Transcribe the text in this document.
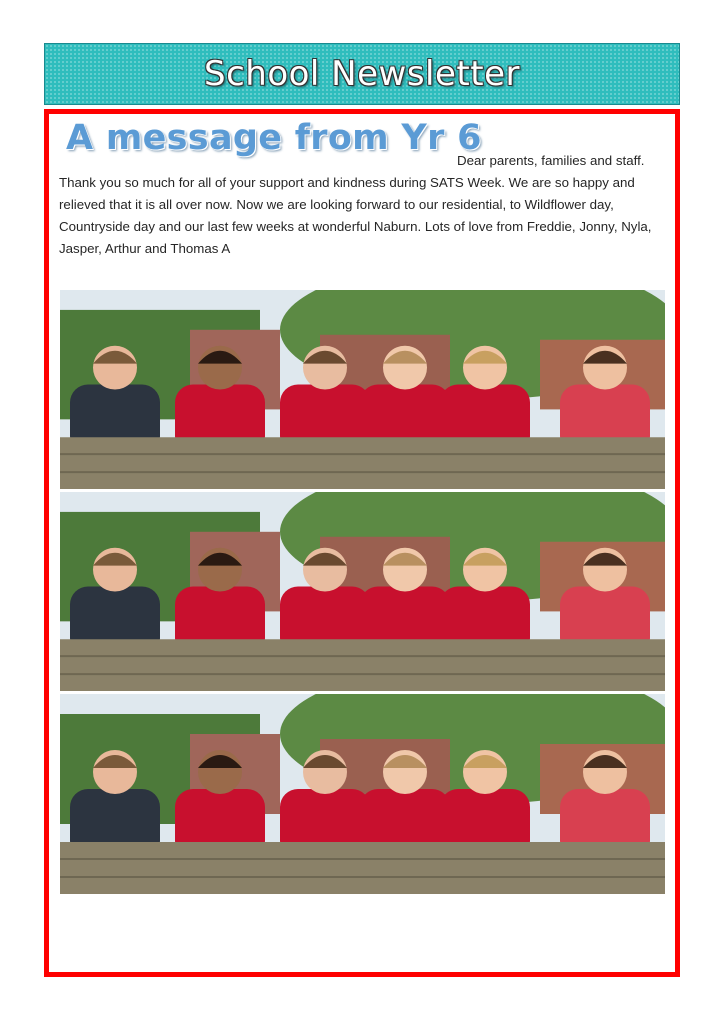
School Newsletter
A message from Yr 6

Dear parents, families and staff. Thank you so much for all of your support and kindness during SATS Week. We are so happy and relieved that it is all over now. Now we are looking forward to our residential, to Wildflower day, Countryside day and our last few weeks at wonderful Naburn. Lots of love from Freddie, Jonny, Nyla, Jasper, Arthur and Thomas A
